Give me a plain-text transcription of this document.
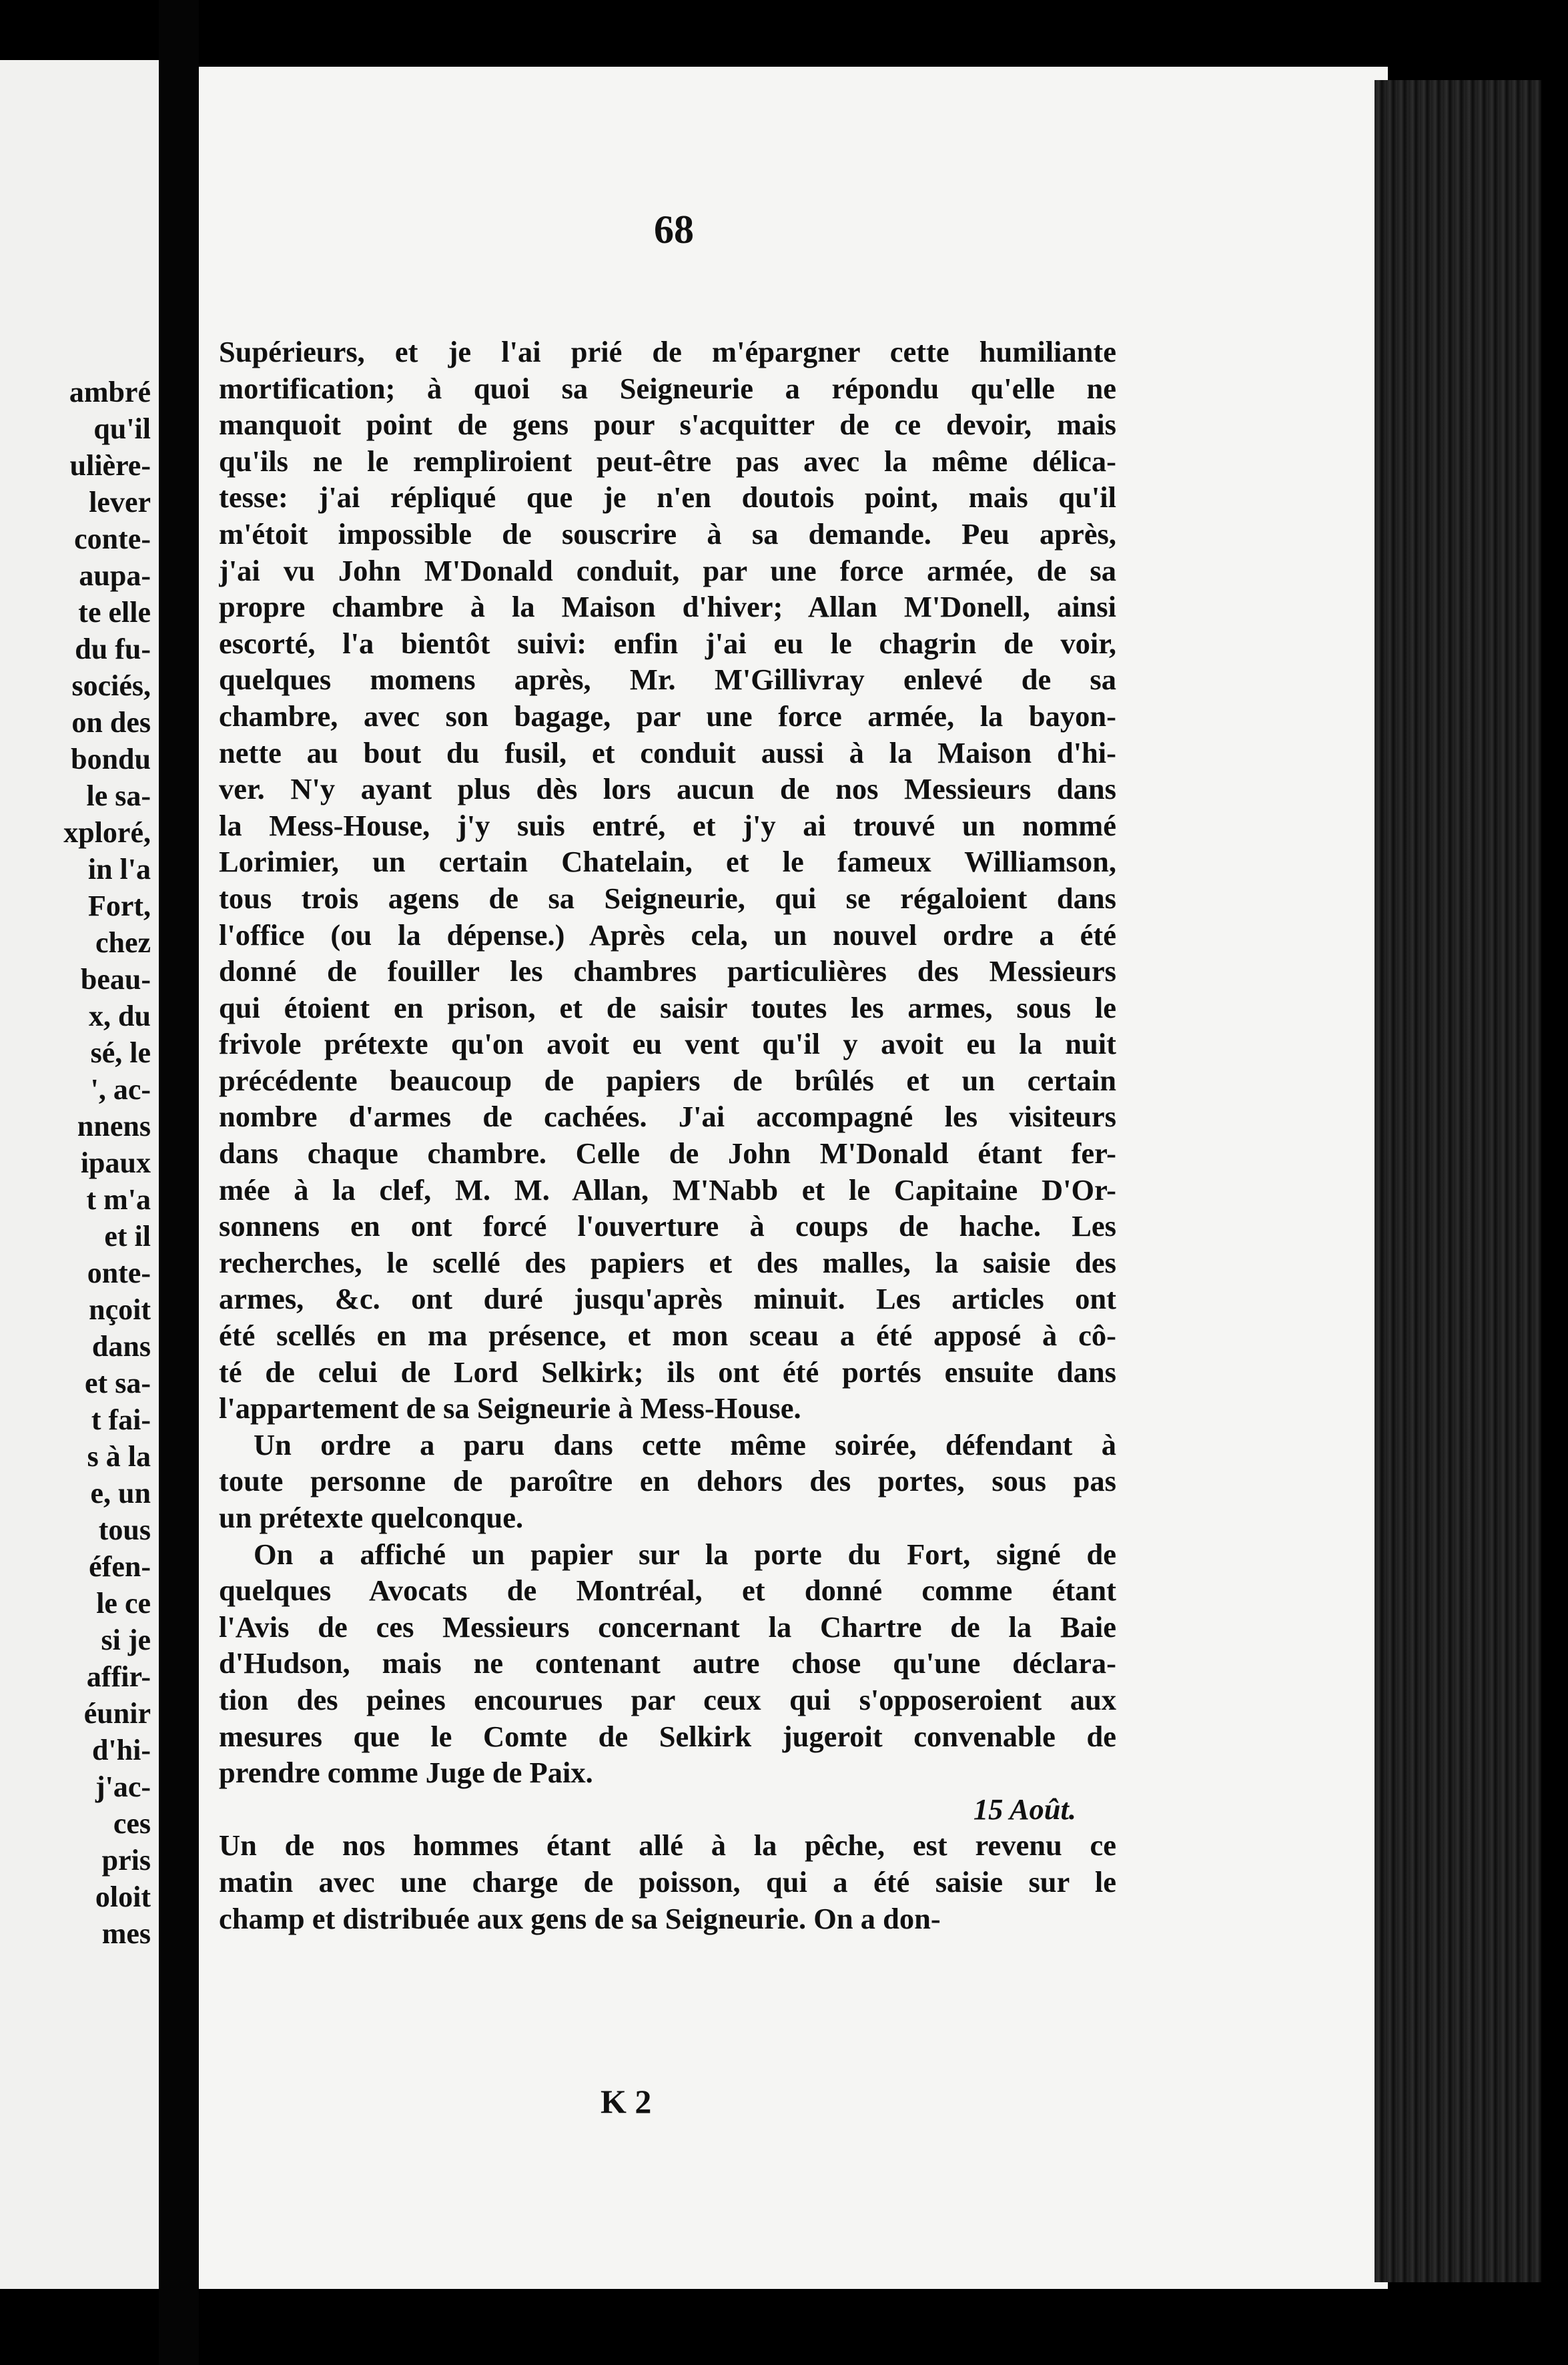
ambré
qu'il
ulière-
lever
conte-
aupa-
te elle
du fu-
sociés,
on des
bondu
le sa-
xploré,
in l'a
Fort,
chez
beau-
x, du
sé, le
', ac-
nnens
ipaux
t m'a
et il
onte-
nçoit
dans
et sa-
t fai-
s à la
e, un
tous
éfen-
le ce
si je
affir-
éunir
d'hi-
j'ac-
ces
pris
oloit
mes
68
Supérieurs, et je l'ai prié de m'épargner cette humiliante
mortification; à quoi sa Seigneurie a répondu qu'elle ne
manquoit point de gens pour s'acquitter de ce devoir, mais
qu'ils ne le rempliroient peut-être pas avec la même délica-
tesse: j'ai répliqué que je n'en doutois point, mais qu'il
m'étoit impossible de souscrire à sa demande. Peu après,
j'ai vu John M'Donald conduit, par une force armée, de sa
propre chambre à la Maison d'hiver; Allan M'Donell, ainsi
escorté, l'a bientôt suivi: enfin j'ai eu le chagrin de voir,
quelques momens après, Mr. M'Gillivray enlevé de sa
chambre, avec son bagage, par une force armée, la bayon-
nette au bout du fusil, et conduit aussi à la Maison d'hi-
ver. N'y ayant plus dès lors aucun de nos Messieurs dans
la Mess-House, j'y suis entré, et j'y ai trouvé un nommé
Lorimier, un certain Chatelain, et le fameux Williamson,
tous trois agens de sa Seigneurie, qui se régaloient dans
l'office (ou la dépense.) Après cela, un nouvel ordre a été
donné de fouiller les chambres particulières des Messieurs
qui étoient en prison, et de saisir toutes les armes, sous le
frivole prétexte qu'on avoit eu vent qu'il y avoit eu la nuit
précédente beaucoup de papiers de brûlés et un certain
nombre d'armes de cachées. J'ai accompagné les visiteurs
dans chaque chambre. Celle de John M'Donald étant fer-
mée à la clef, M. M. Allan, M'Nabb et le Capitaine D'Or-
sonnens en ont forcé l'ouverture à coups de hache. Les
recherches, le scellé des papiers et des malles, la saisie des
armes, &c. ont duré jusqu'après minuit. Les articles ont
été scellés en ma présence, et mon sceau a été apposé à cô-
té de celui de Lord Selkirk; ils ont été portés ensuite dans
l'appartement de sa Seigneurie à Mess-House.
Un ordre a paru dans cette même soirée, défendant à
toute personne de paroître en dehors des portes, sous pas
un prétexte quelconque.
On a affiché un papier sur la porte du Fort, signé de
quelques Avocats de Montréal, et donné comme étant
l'Avis de ces Messieurs concernant la Chartre de la Baie
d'Hudson, mais ne contenant autre chose qu'une déclara-
tion des peines encourues par ceux qui s'opposeroient aux
mesures que le Comte de Selkirk jugeroit convenable de
prendre comme Juge de Paix.
15 Août.
Un de nos hommes étant allé à la pêche, est revenu ce
matin avec une charge de poisson, qui a été saisie sur le
champ et distribuée aux gens de sa Seigneurie. On a don-
K 2
